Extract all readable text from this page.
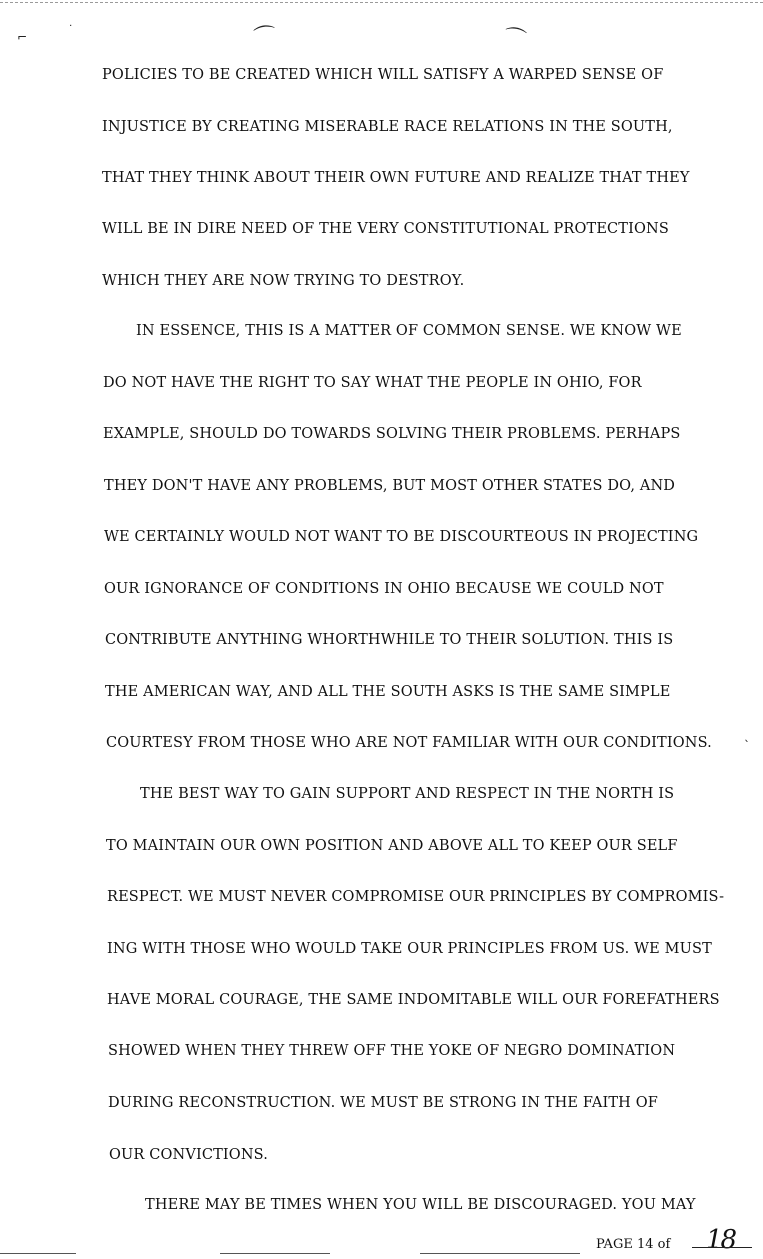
⌐
․
⌒	⌒
ˎ
POLICIES TO BE CREATED WHICH WILL SATISFY A WARPED SENSE OF
INJUSTICE BY CREATING MISERABLE RACE RELATIONS IN THE SOUTH,
THAT THEY THINK ABOUT THEIR OWN FUTURE AND REALIZE THAT THEY
WILL BE IN DIRE NEED OF THE VERY CONSTITUTIONAL PROTECTIONS
WHICH THEY ARE NOW TRYING TO DESTROY.
IN ESSENCE, THIS IS A MATTER OF COMMON SENSE. WE KNOW WE
DO NOT HAVE THE RIGHT TO SAY WHAT THE PEOPLE IN OHIO, FOR
EXAMPLE, SHOULD DO TOWARDS SOLVING THEIR PROBLEMS. PERHAPS
THEY DON'T HAVE ANY PROBLEMS, BUT MOST OTHER STATES DO, AND
WE CERTAINLY WOULD NOT WANT TO BE DISCOURTEOUS IN PROJECTING
OUR IGNORANCE OF CONDITIONS IN OHIO BECAUSE WE COULD NOT
CONTRIBUTE ANYTHING WHORTHWHILE TO THEIR SOLUTION. THIS IS
THE AMERICAN WAY, AND ALL THE SOUTH ASKS IS THE SAME SIMPLE
COURTESY FROM THOSE WHO ARE NOT FAMILIAR WITH OUR CONDITIONS.
THE BEST WAY TO GAIN SUPPORT AND RESPECT IN THE NORTH IS
TO MAINTAIN OUR OWN POSITION AND ABOVE ALL TO KEEP OUR SELF
RESPECT. WE MUST NEVER COMPROMISE OUR PRINCIPLES BY COMPROMIS-
ING WITH THOSE WHO WOULD TAKE OUR PRINCIPLES FROM US. WE MUST
HAVE MORAL COURAGE, THE SAME INDOMITABLE WILL OUR FOREFATHERS
SHOWED WHEN THEY THREW OFF THE YOKE OF NEGRO DOMINATION
DURING RECONSTRUCTION. WE MUST BE STRONG IN THE FAITH OF
OUR CONVICTIONS.
THERE MAY BE TIMES WHEN YOU WILL BE DISCOURAGED. YOU MAY
PAGE 14 of 18
